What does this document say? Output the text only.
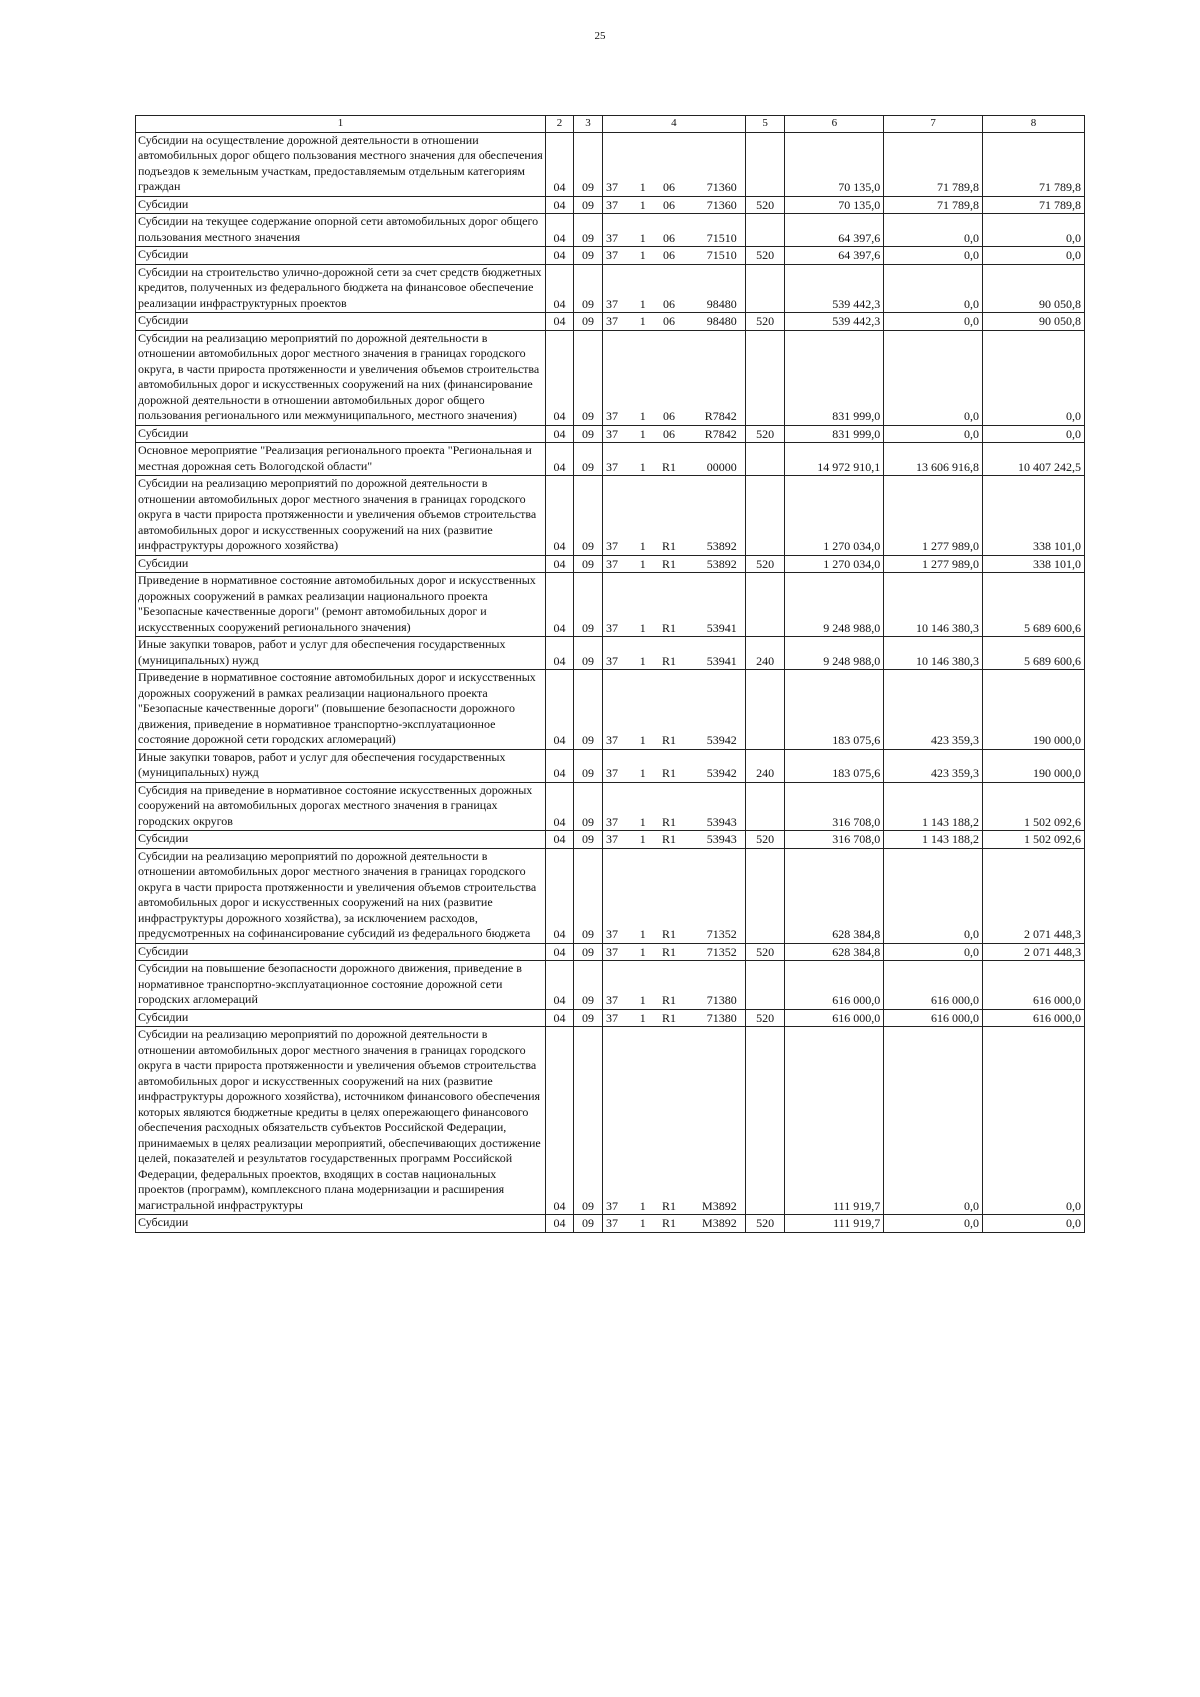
25
1	2	3	4				5	6	7	8
Субсидии на осуществление дорожной деятельности в отношении автомобильных дорог общего пользования местного значения для обеспечения подъездов к земельным участкам, предоставляемым отдельным категориям граждан	04	09	37	1	06	71360		70 135,0	71 789,8	71 789,8
Субсидии	04	09	37	1	06	71360	520	70 135,0	71 789,8	71 789,8
Субсидии на текущее содержание опорной сети автомобильных дорог общего пользования местного значения	04	09	37	1	06	71510		64 397,6	0,0	0,0
Субсидии	04	09	37	1	06	71510	520	64 397,6	0,0	0,0
Субсидии на строительство улично-дорожной сети за счет средств бюджетных кредитов, полученных из федерального бюджета на финансовое обеспечение реализации инфраструктурных проектов	04	09	37	1	06	98480		539 442,3	0,0	90 050,8
Субсидии	04	09	37	1	06	98480	520	539 442,3	0,0	90 050,8
Субсидии на реализацию мероприятий по дорожной деятельности в отношении автомобильных дорог местного значения в границах городского округа, в части прироста протяженности и увеличения объемов строительства автомобильных дорог и искусственных сооружений на них (финансирование дорожной деятельности в отношении автомобильных дорог общего пользования регионального или межмуниципального, местного значения)	04	09	37	1	06	R7842		831 999,0	0,0	0,0
Субсидии	04	09	37	1	06	R7842	520	831 999,0	0,0	0,0
Основное мероприятие "Реализация регионального проекта "Региональная и местная дорожная сеть Вологодской области"	04	09	37	1	R1	00000		14 972 910,1	13 606 916,8	10 407 242,5
Субсидии на реализацию мероприятий по дорожной деятельности в отношении автомобильных дорог местного значения в границах городского округа в части прироста протяженности и увеличения объемов строительства автомобильных дорог и искусственных сооружений на них (развитие инфраструктуры дорожного хозяйства)	04	09	37	1	R1	53892		1 270 034,0	1 277 989,0	338 101,0
Субсидии	04	09	37	1	R1	53892	520	1 270 034,0	1 277 989,0	338 101,0
Приведение в нормативное состояние автомобильных дорог и искусственных дорожных сооружений в рамках реализации национального проекта "Безопасные качественные дороги" (ремонт автомобильных дорог и искусственных сооружений регионального значения)	04	09	37	1	R1	53941		9 248 988,0	10 146 380,3	5 689 600,6
Иные закупки товаров, работ и услуг для обеспечения государственных (муниципальных) нужд	04	09	37	1	R1	53941	240	9 248 988,0	10 146 380,3	5 689 600,6
Приведение в нормативное состояние автомобильных дорог и искусственных дорожных сооружений в рамках реализации национального проекта "Безопасные качественные дороги" (повышение безопасности дорожного движения, приведение в нормативное транспортно-эксплуатационное состояние дорожной сети городских агломераций)	04	09	37	1	R1	53942		183 075,6	423 359,3	190 000,0
Иные закупки товаров, работ и услуг для обеспечения государственных (муниципальных) нужд	04	09	37	1	R1	53942	240	183 075,6	423 359,3	190 000,0
Субсидия на приведение в нормативное состояние искусственных дорожных сооружений на автомобильных дорогах местного значения в границах городских округов	04	09	37	1	R1	53943		316 708,0	1 143 188,2	1 502 092,6
Субсидии	04	09	37	1	R1	53943	520	316 708,0	1 143 188,2	1 502 092,6
Субсидии на реализацию мероприятий по дорожной деятельности в отношении автомобильных дорог местного значения в границах городского округа в части прироста протяженности и увеличения объемов строительства автомобильных дорог и искусственных сооружений на них (развитие инфраструктуры дорожного хозяйства), за исключением расходов, предусмотренных на софинансирование субсидий из федерального бюджета	04	09	37	1	R1	71352		628 384,8	0,0	2 071 448,3
Субсидии	04	09	37	1	R1	71352	520	628 384,8	0,0	2 071 448,3
Субсидии на повышение безопасности дорожного движения, приведение в нормативное транспортно-эксплуатационное состояние дорожной сети городских агломераций	04	09	37	1	R1	71380		616 000,0	616 000,0	616 000,0
Субсидии	04	09	37	1	R1	71380	520	616 000,0	616 000,0	616 000,0
Субсидии на реализацию мероприятий по дорожной деятельности в отношении автомобильных дорог местного значения в границах городского округа в части прироста протяженности и увеличения объемов строительства автомобильных дорог и искусственных сооружений на них (развитие инфраструктуры дорожного хозяйства), источником финансового обеспечения которых являются бюджетные кредиты в целях опережающего финансового обеспечения расходных обязательств субъектов Российской Федерации, принимаемых в целях реализации мероприятий, обеспечивающих достижение целей, показателей и результатов государственных программ Российской Федерации, федеральных проектов, входящих в состав национальных проектов (программ), комплексного плана модернизации и расширения магистральной инфраструктуры	04	09	37	1	R1	M3892		111 919,7	0,0	0,0
Субсидии	04	09	37	1	R1	M3892	520	111 919,7	0,0	0,0
